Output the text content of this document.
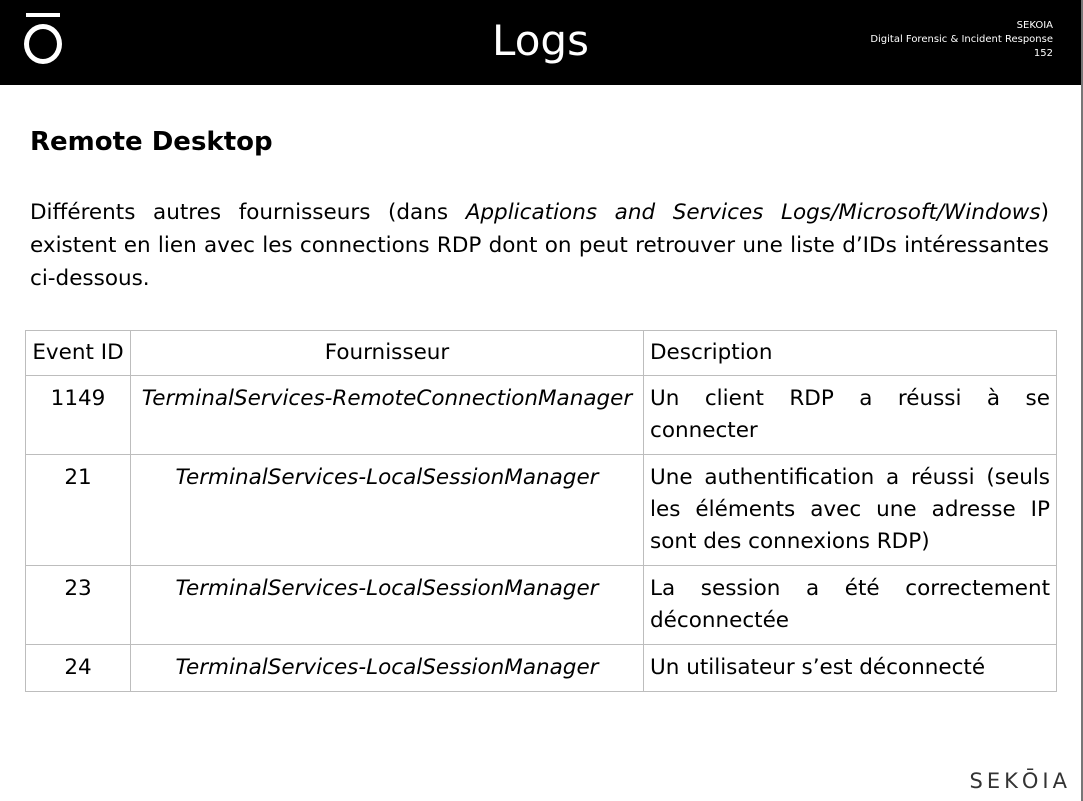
Logs	SEKOIA
Digital Forensic & Incident Response
152
Remote Desktop
Différents autres fournisseurs (dans Applications and Services Logs/Microsoft/Windows) existent en lien avec les connections RDP dont on peut retrouver une liste d’IDs intéressantes ci-dessous.
Event ID	Fournisseur	Description
1149	TerminalServices-RemoteConnectionManager	Un client RDP a réussi à se connecter
21	TerminalServices-LocalSessionManager	Une authentification a réussi (seuls les éléments avec une adresse IP sont des connexions RDP)
23	TerminalServices-LocalSessionManager	La session a été correctement déconnectée
24	TerminalServices-LocalSessionManager	Un utilisateur s’est déconnecté
SEKŌIA
